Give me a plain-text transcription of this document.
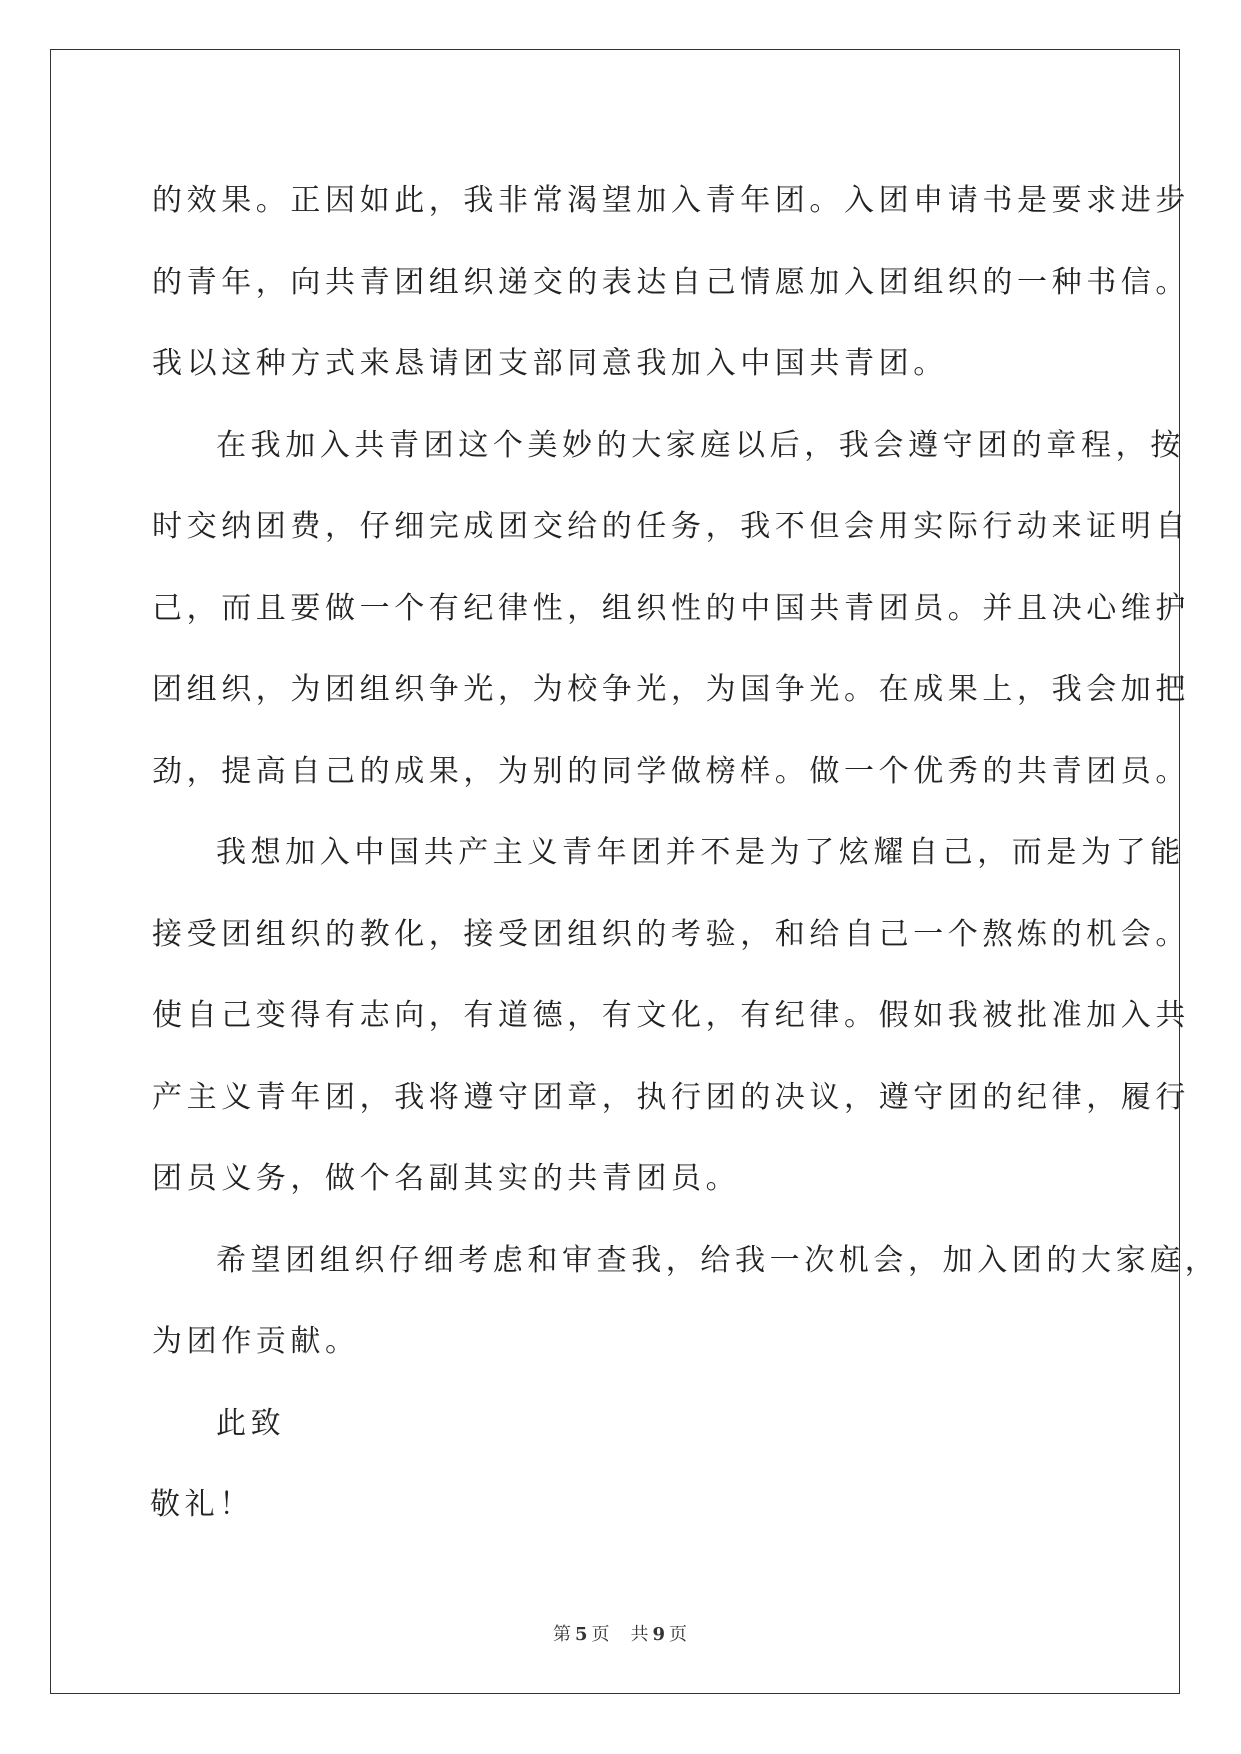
的效果。正因如此，我非常渴望加入青年团。入团申请书是要求进步
的青年，向共青团组织递交的表达自己情愿加入团组织的一种书信。
我以这种方式来恳请团支部同意我加入中国共青团。
在我加入共青团这个美妙的大家庭以后，我会遵守团的章程，按
时交纳团费，仔细完成团交给的任务，我不但会用实际行动来证明自
己，而且要做一个有纪律性，组织性的中国共青团员。并且决心维护
团组织，为团组织争光，为校争光，为国争光。在成果上，我会加把
劲，提高自己的成果，为别的同学做榜样。做一个优秀的共青团员。
我想加入中国共产主义青年团并不是为了炫耀自己，而是为了能
接受团组织的教化，接受团组织的考验，和给自己一个熬炼的机会。
使自己变得有志向，有道德，有文化，有纪律。假如我被批准加入共
产主义青年团，我将遵守团章，执行团的决议，遵守团的纪律，履行
团员义务，做个名副其实的共青团员。
希望团组织仔细考虑和审查我，给我一次机会，加入团的大家庭，
为团作贡献。
此致
敬礼！
第 5 页 共 9 页
